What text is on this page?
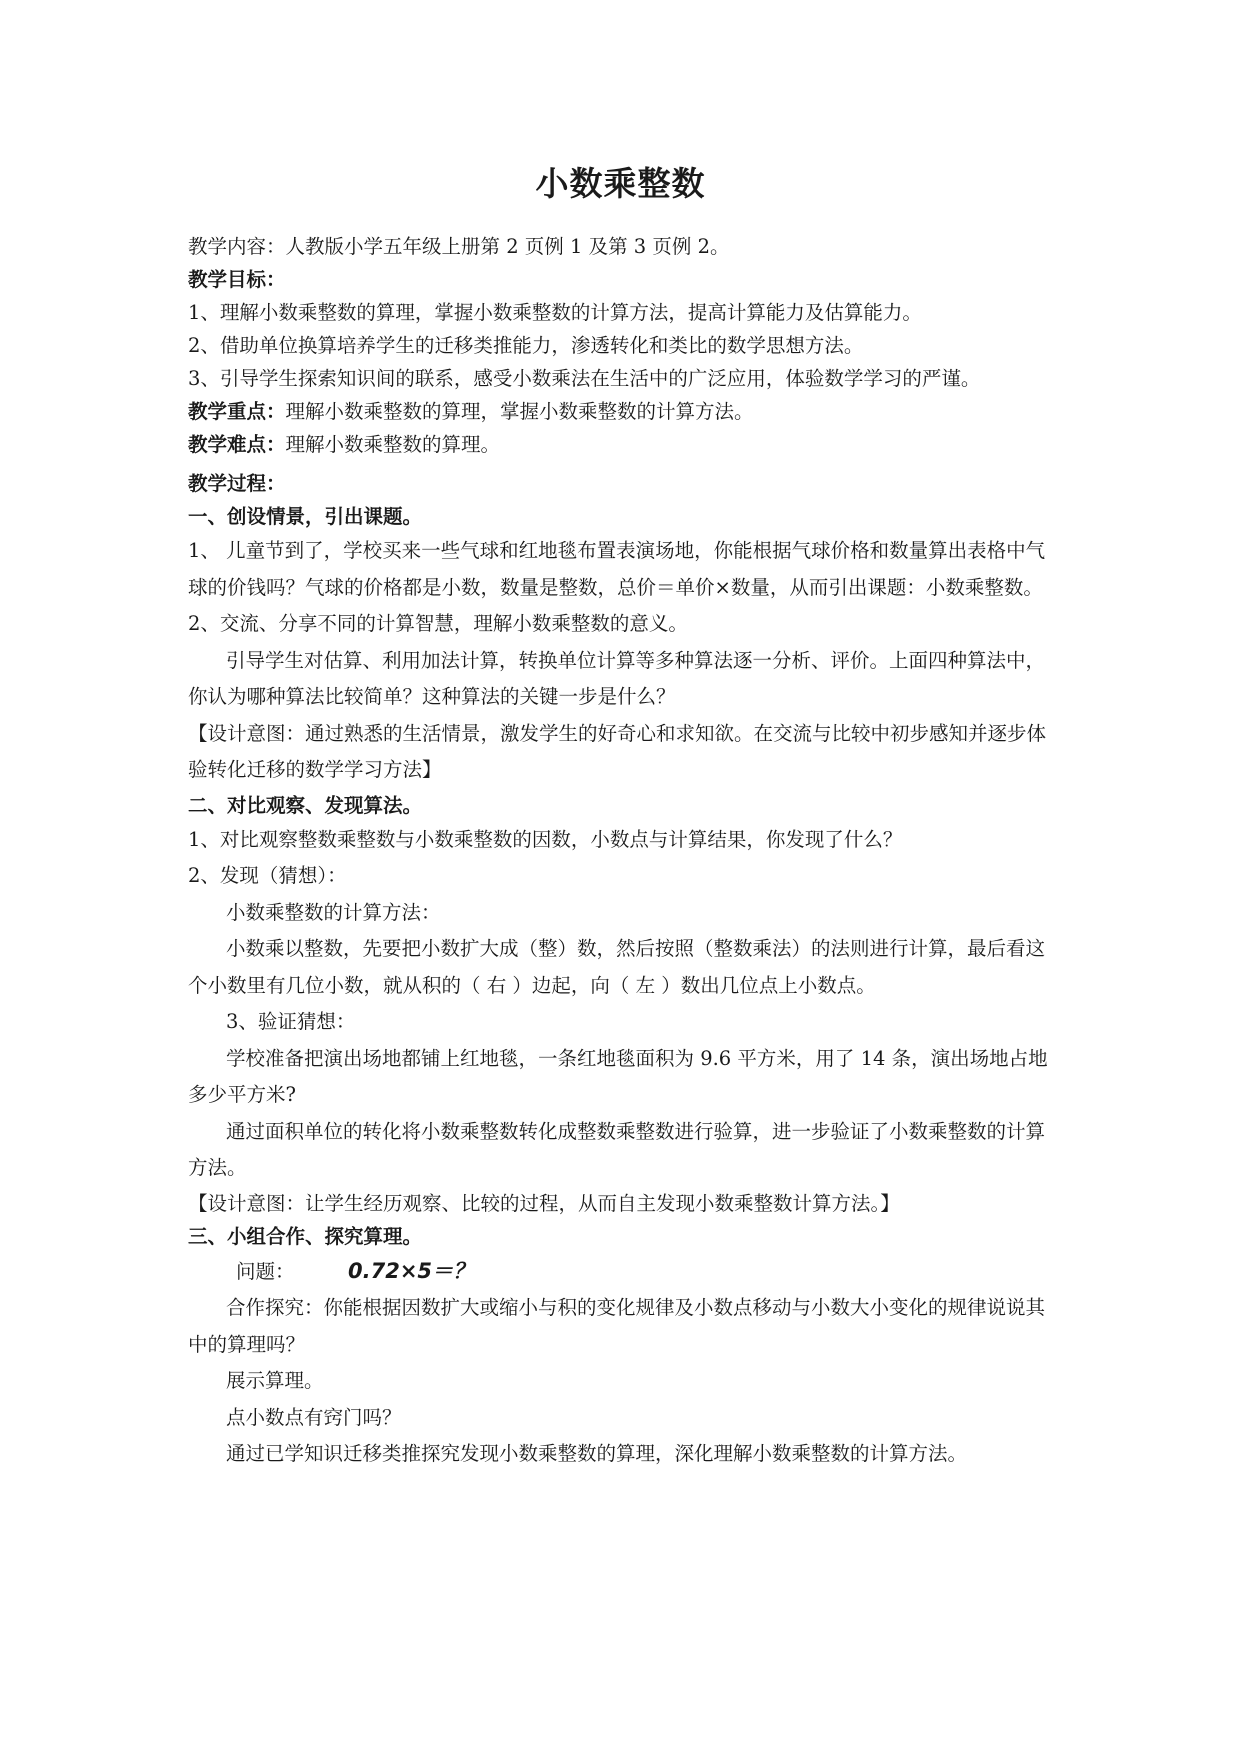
小数乘整数
教学内容：人教版小学五年级上册第 2 页例 1 及第 3 页例 2。
教学目标：
1、理解小数乘整数的算理，掌握小数乘整数的计算方法，提高计算能力及估算能力。
2、借助单位换算培养学生的迁移类推能力，渗透转化和类比的数学思想方法。
3、引导学生探索知识间的联系，感受小数乘法在生活中的广泛应用，体验数学学习的严谨。
教学重点：理解小数乘整数的算理，掌握小数乘整数的计算方法。
教学难点：理解小数乘整数的算理。
教学过程：
一、创设情景，引出课题。
1、 儿童节到了，学校买来一些气球和红地毯布置表演场地，你能根据气球价格和数量算出表格中气球的价钱吗？气球的价格都是小数，数量是整数，总价＝单价×数量，从而引出课题：小数乘整数。
2、交流、分享不同的计算智慧，理解小数乘整数的意义。
引导学生对估算、利用加法计算，转换单位计算等多种算法逐一分析、评价。上面四种算法中，你认为哪种算法比较简单？这种算法的关键一步是什么？
【设计意图：通过熟悉的生活情景，激发学生的好奇心和求知欲。在交流与比较中初步感知并逐步体验转化迁移的数学学习方法】
二、对比观察、发现算法。
1、对比观察整数乘整数与小数乘整数的因数，小数点与计算结果，你发现了什么？
2、发现（猜想）：
小数乘整数的计算方法：
小数乘以整数，先要把小数扩大成（整）数，然后按照（整数乘法）的法则进行计算，最后看这个小数里有几位小数，就从积的（ 右 ）边起，向（ 左 ）数出几位点上小数点。
3、验证猜想：
学校准备把演出场地都铺上红地毯，一条红地毯面积为 9.6 平方米，用了 14 条，演出场地占地多少平方米?
通过面积单位的转化将小数乘整数转化成整数乘整数进行验算，进一步验证了小数乘整数的计算方法。
【设计意图：让学生经历观察、比较的过程，从而自主发现小数乘整数计算方法。】
三、小组合作、探究算理。
问题：	0.72×5＝？
合作探究：你能根据因数扩大或缩小与积的变化规律及小数点移动与小数大小变化的规律说说其中的算理吗？
展示算理。
点小数点有窍门吗？
通过已学知识迁移类推探究发现小数乘整数的算理，深化理解小数乘整数的计算方法。
